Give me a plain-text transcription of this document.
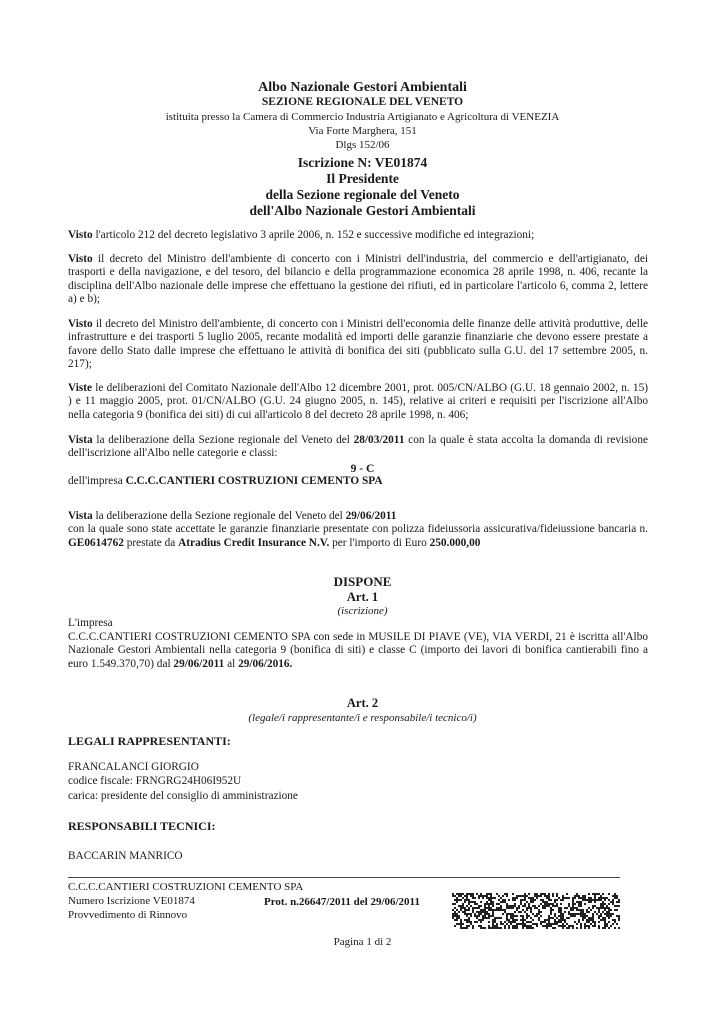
Albo Nazionale Gestori Ambientali
SEZIONE REGIONALE DEL VENETO
istituita presso la Camera di Commercio Industria Artigianato e Agricoltura di VENEZIA
Via Forte Marghera, 151
Dlgs 152/06
Iscrizione N: VE01874
Il Presidente
della Sezione regionale del Veneto
dell'Albo Nazionale Gestori Ambientali
Visto l'articolo 212 del decreto legislativo 3 aprile 2006, n. 152 e successive modifiche ed integrazioni;
Visto il decreto del Ministro dell'ambiente di concerto con i Ministri dell'industria, del commercio e dell'artigianato, dei trasporti e della navigazione, e del tesoro, del bilancio e della programmazione economica 28 aprile 1998, n. 406, recante la disciplina dell'Albo nazionale delle imprese che effettuano la gestione dei rifiuti, ed in particolare l'articolo 6, comma 2, lettere a) e b);
Visto il decreto del Ministro dell'ambiente, di concerto con i Ministri dell'economia delle finanze delle attività produttive, delle infrastrutture e dei trasporti 5 luglio 2005, recante modalità ed importi delle garanzie finanziarie che devono essere prestate a favore dello Stato dalle imprese che effettuano le attività di bonifica dei siti (pubblicato sulla G.U. del 17 settembre 2005, n. 217);
Viste le deliberazioni del Comitato Nazionale dell'Albo 12 dicembre 2001, prot. 005/CN/ALBO (G.U. 18 gennaio 2002, n. 15) ) e 11 maggio 2005, prot. 01/CN/ALBO (G.U. 24 giugno 2005, n. 145), relative ai criteri e requisiti per l'iscrizione all'Albo nella categoria 9 (bonifica dei siti) di cui all'articolo 8 del decreto 28 aprile 1998, n. 406;
Vista la deliberazione della Sezione regionale del Veneto del 28/03/2011 con la quale è stata accolta la domanda di revisione dell'iscrizione all'Albo nelle categorie e classi:
9 - C
dell'impresa C.C.C.CANTIERI COSTRUZIONI CEMENTO SPA
Vista la deliberazione della Sezione regionale del Veneto del 29/06/2011
con la quale sono state accettate le garanzie finanziarie presentate con polizza fideiussoria assicurativa/fideiussione bancaria n. GE0614762 prestate da Atradius Credit Insurance N.V. per l'importo di Euro 250.000,00
DISPONE
Art. 1
(iscrizione)
L'impresa
C.C.C.CANTIERI COSTRUZIONI CEMENTO SPA con sede in MUSILE DI PIAVE (VE), VIA VERDI, 21 è iscritta all'Albo Nazionale Gestori Ambientali nella categoria 9 (bonifica di siti) e classe C (importo dei lavori di bonifica cantierabili fino a euro 1.549.370,70) dal 29/06/2011 al 29/06/2016.
Art. 2
(legale/i rappresentante/i e responsabile/i tecnico/i)
LEGALI RAPPRESENTANTI:
FRANCALANCI GIORGIO
codice fiscale: FRNGRG24H06I952U
carica: presidente del consiglio di amministrazione
RESPONSABILI TECNICI:
BACCARIN MANRICO
C.C.C.CANTIERI COSTRUZIONI CEMENTO SPA
Numero Iscrizione VE01874
Provvedimento di Rinnovo
Prot. n.26647/2011 del 29/06/2011
Pagina 1 di 2
